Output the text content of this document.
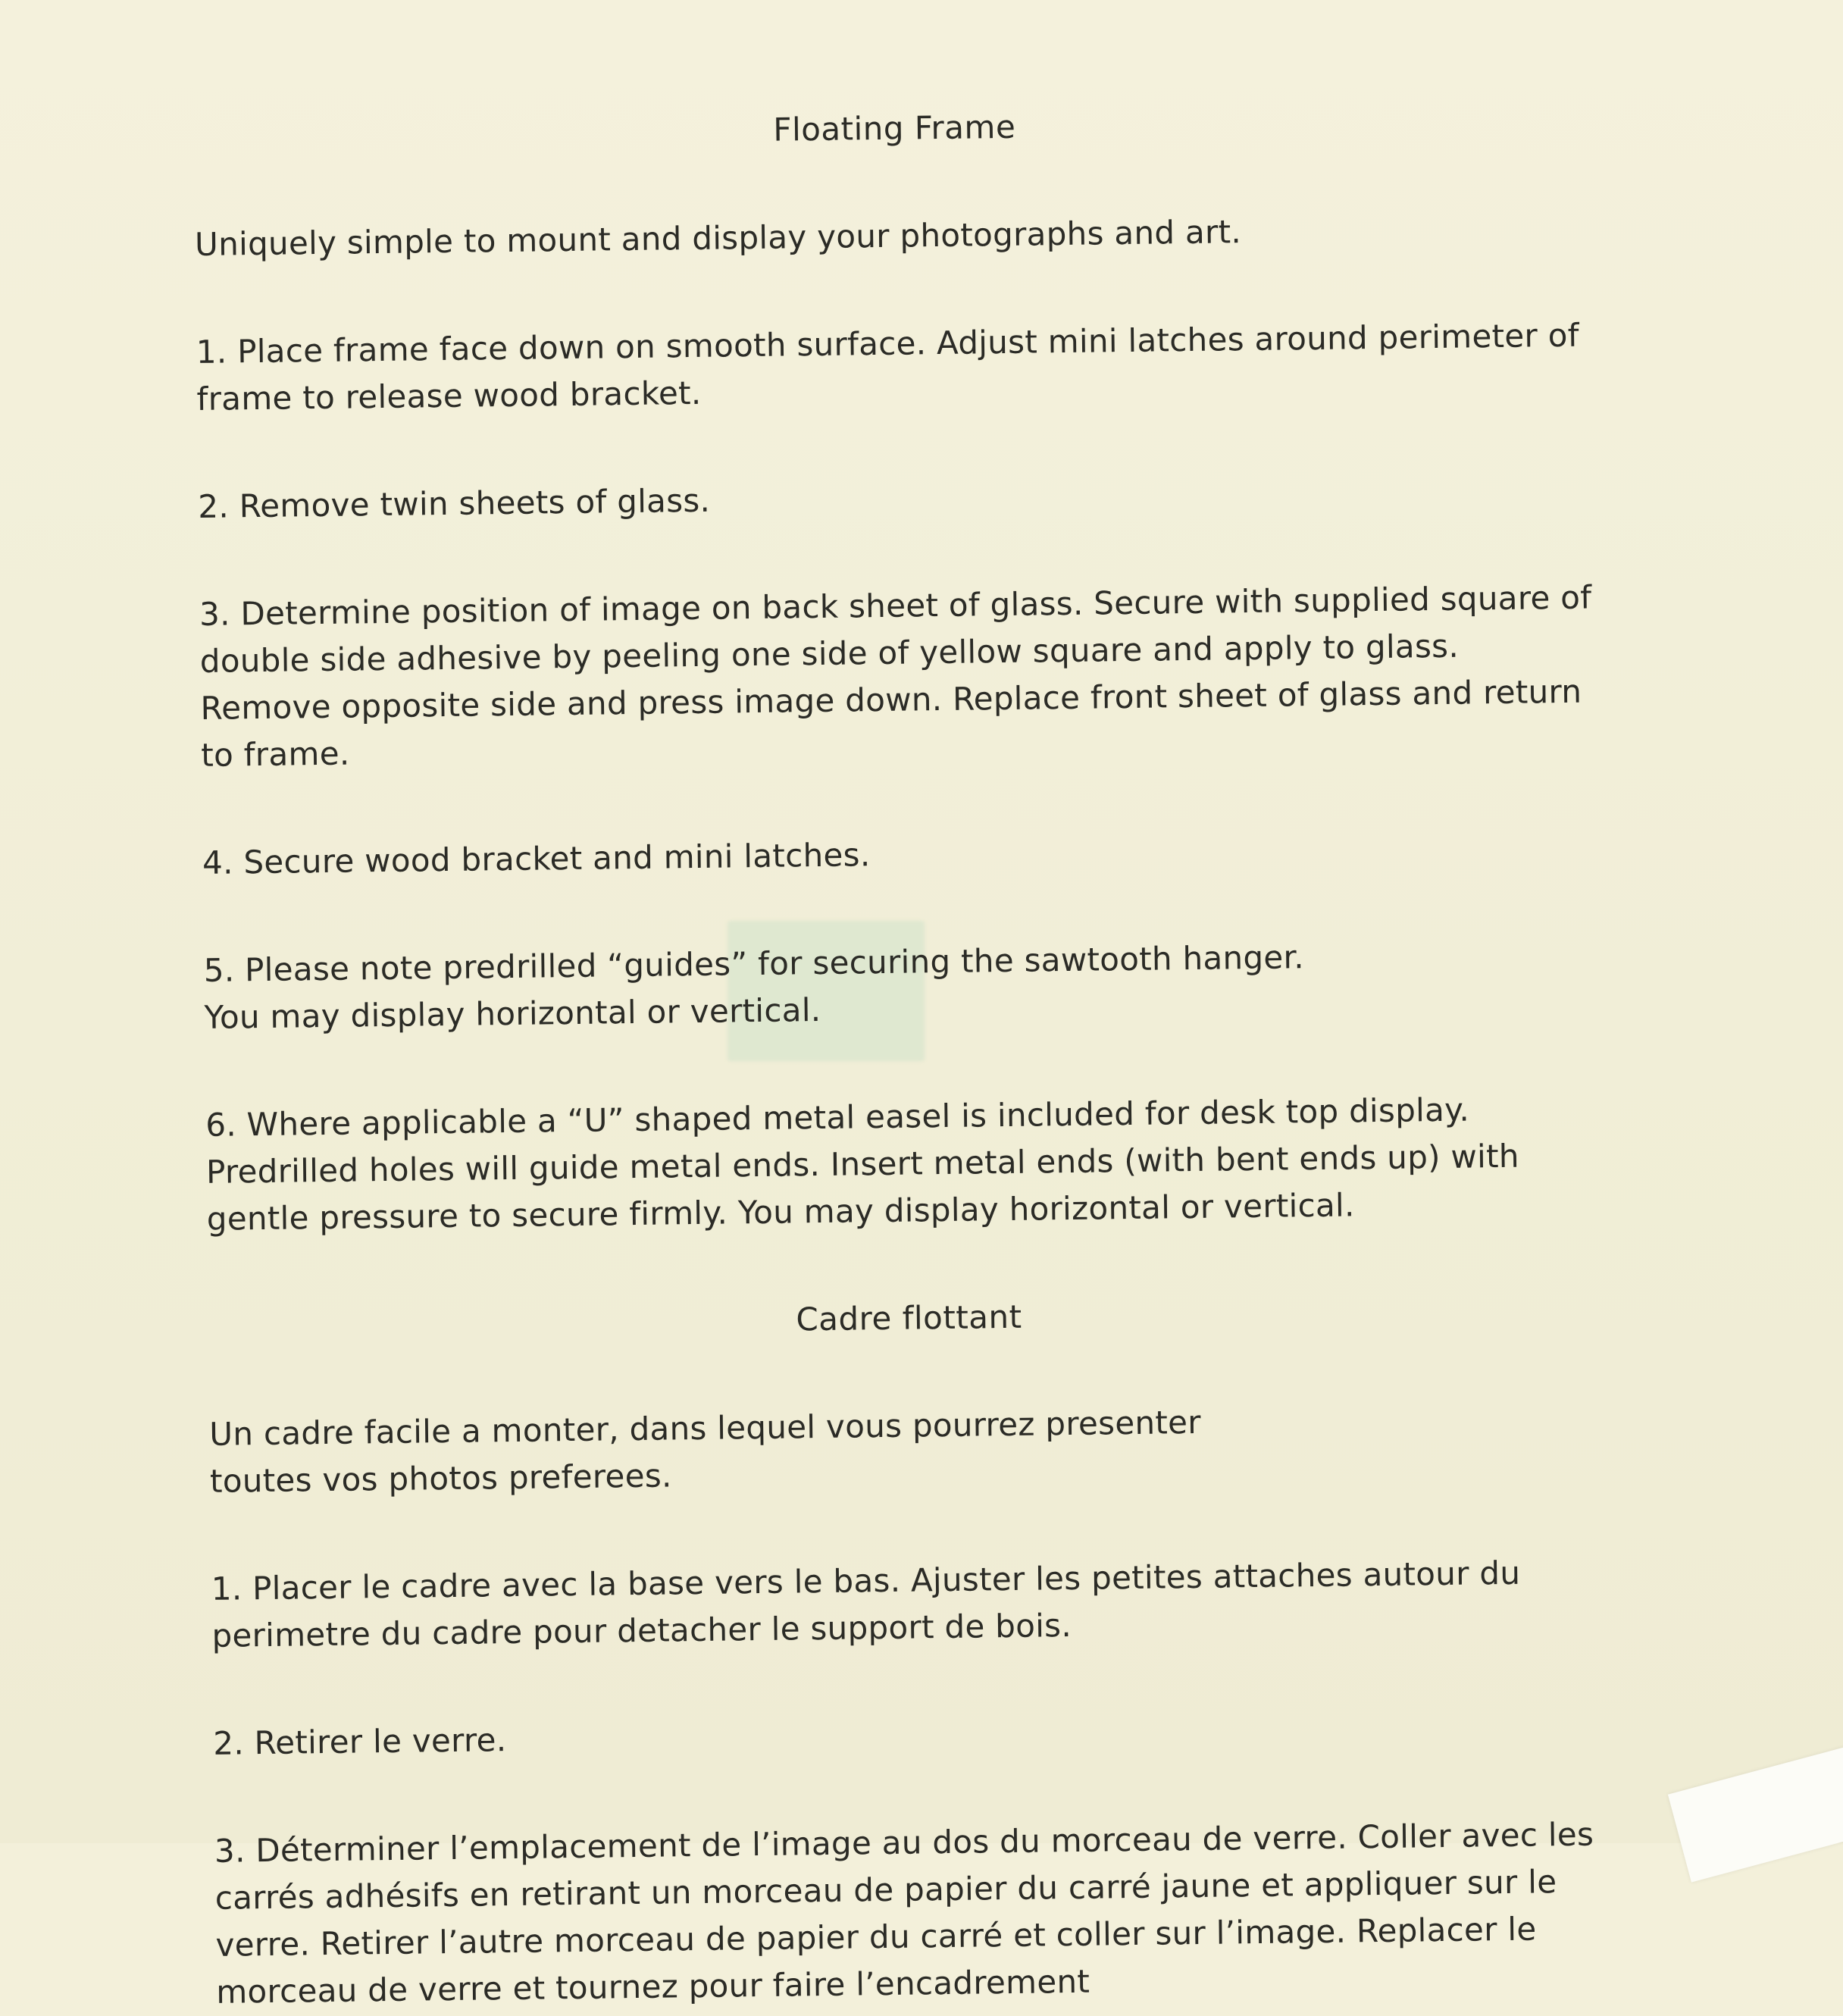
Floating Frame

Uniquely simple to mount and display your photographs and art.

1. Place frame face down on smooth surface. Adjust mini latches around perimeter of
frame to release wood bracket.
2. Remove twin sheets of glass.
3. Determine position of image on back sheet of glass. Secure with supplied square of
double side adhesive by peeling one side of yellow square and apply to glass.
Remove opposite side and press image down. Replace front sheet of glass and return
to frame.
4. Secure wood bracket and mini latches.
5. Please note predrilled “guides” for securing the sawtooth hanger.
You may display horizontal or vertical.
6. Where applicable a “U” shaped metal easel is included for desk top display.
Predrilled holes will guide metal ends. Insert metal ends (with bent ends up) with
gentle pressure to secure firmly. You may display horizontal or vertical.
Cadre flottant
Un cadre facile a monter, dans lequel vous pourrez presenter
toutes vos photos preferees.
1. Placer le cadre avec la base vers le bas. Ajuster les petites attaches autour du
perimetre du cadre pour detacher le support de bois.
2. Retirer le verre.
3. Déterminer l’emplacement de l’image au dos du morceau de verre. Coller avec les
carrés adhésifs en retirant un morceau de papier du carré jaune et appliquer sur le
verre. Retirer l’autre morceau de papier du carré et coller sur l’image. Replacer le
morceau de verre et tournez pour faire l’encadrement
